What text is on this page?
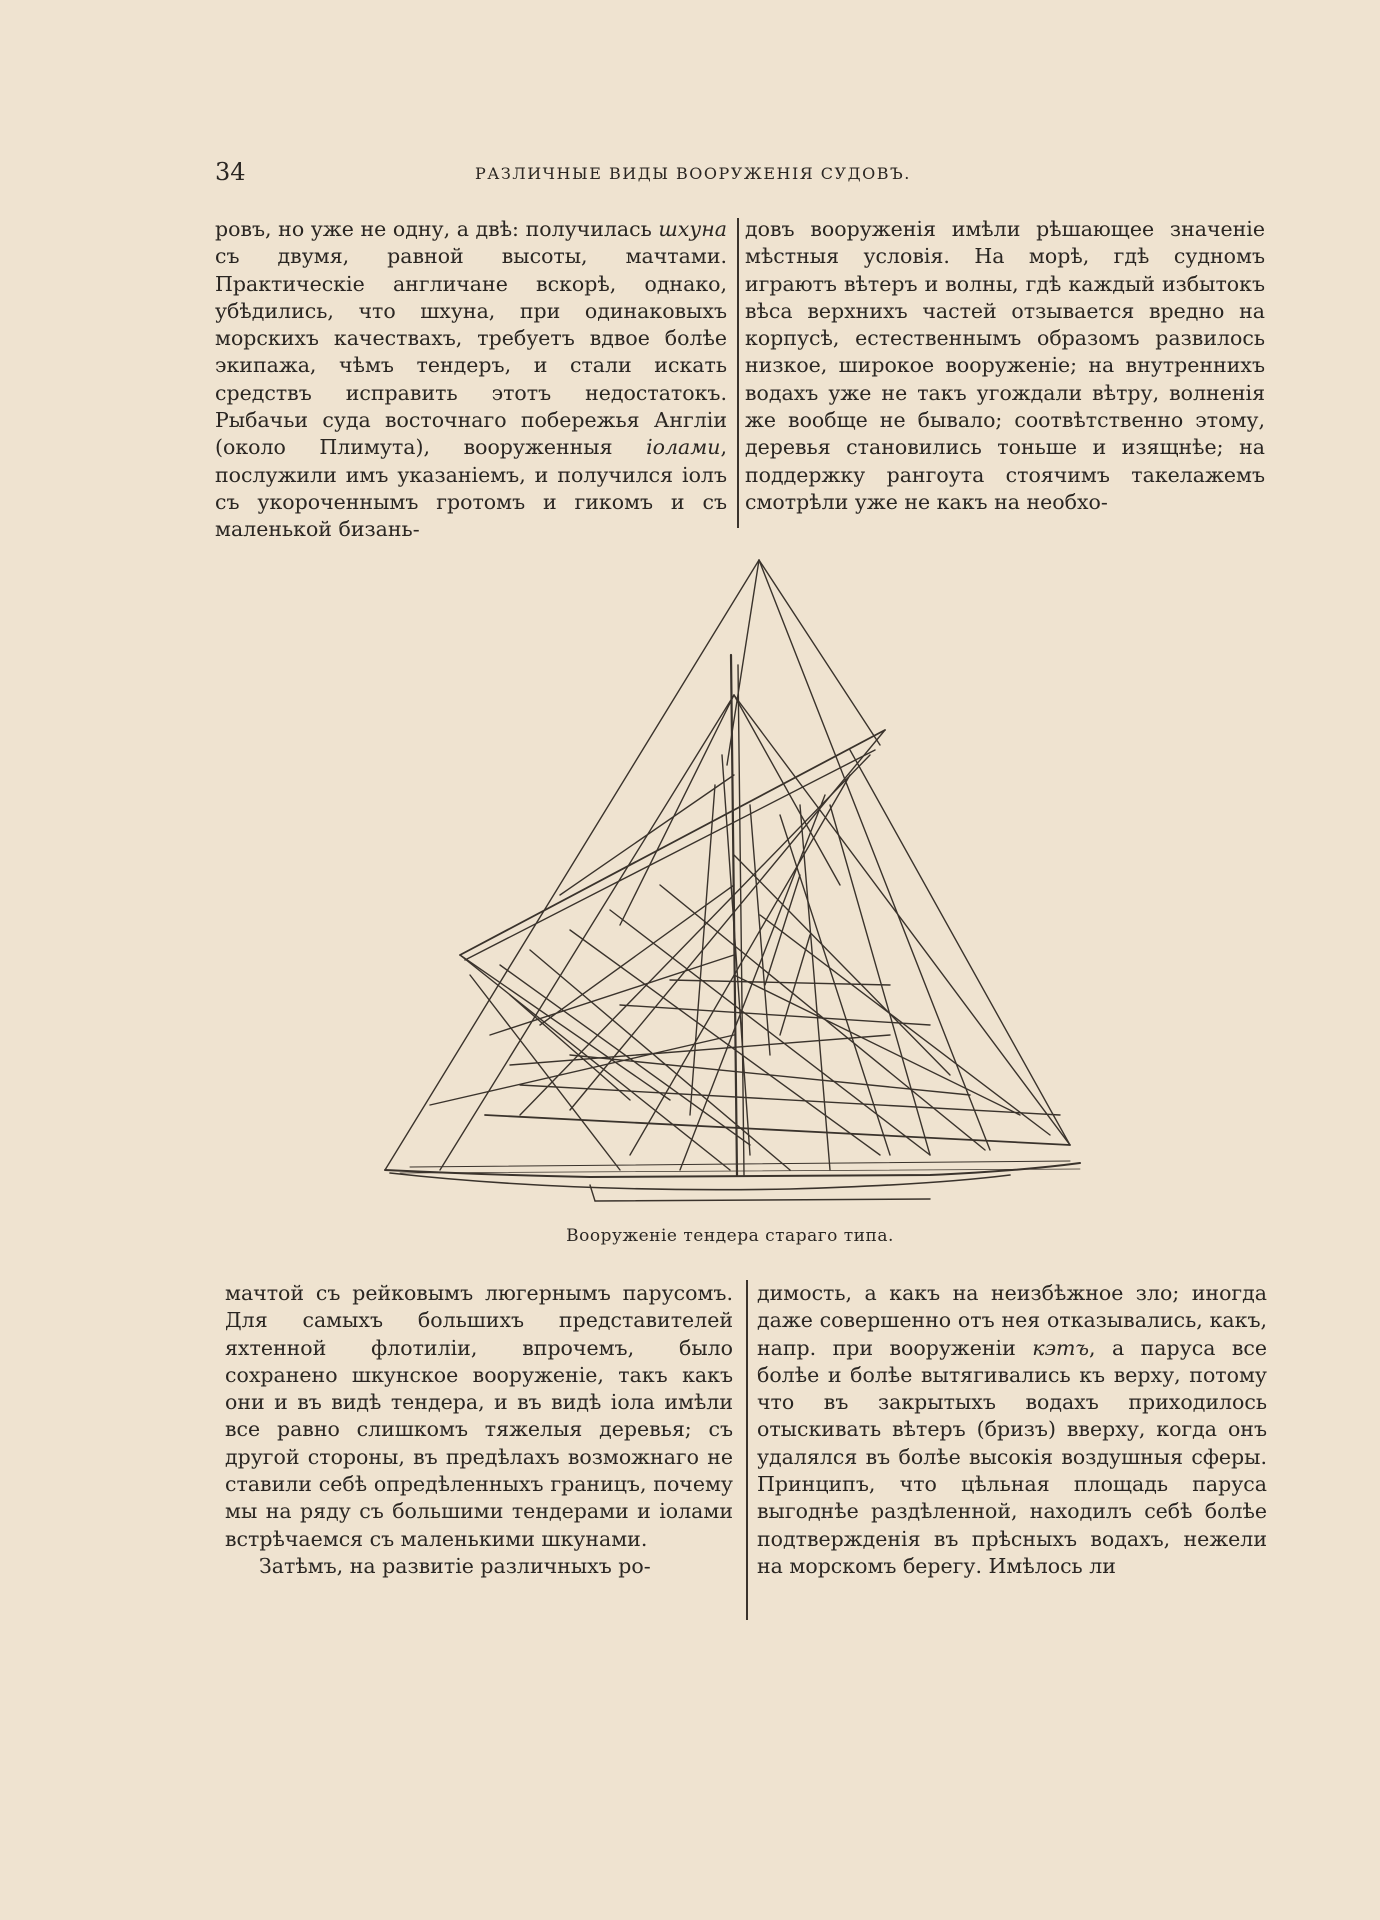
34	РАЗЛИЧНЫЕ ВИДЫ ВООРУЖЕНІЯ СУДОВЪ.

ровъ, но уже не одну, а двѣ: получилась шхуна съ двумя, равной высоты, мачтами. Практическіе англичане вскорѣ, однако, убѣдились, что шхуна, при одинаковыхъ морскихъ качествахъ, требуетъ вдвое болѣе экипажа, чѣмъ тендеръ, и стали искать средствъ исправить этотъ недостатокъ. Рыбачьи суда восточнаго побережья Англіи (около Плимута), вооруженныя іолами, послужили имъ указаніемъ, и получился іолъ съ укороченнымъ гротомъ и гикомъ и съ маленькой бизань-

довъ вооруженія имѣли рѣшающее значеніе мѣстныя условія. На морѣ, гдѣ судномъ играютъ вѣтеръ и волны, гдѣ каждый избытокъ вѣса верхнихъ частей отзывается вредно на корпусѣ, естественнымъ образомъ развилось низкое, широкое вооруженіе; на внутреннихъ водахъ уже не такъ угождали вѣтру, волненія же вообще не бывало; соотвѣтственно этому, деревья становились тоньше и изящнѣе; на поддержку рангоута стоячимъ такелажемъ смотрѣли уже не какъ на необхо-

Вооруженіе тендера стараго типа.

мачтой съ рейковымъ люгернымъ парусомъ. Для самыхъ большихъ представителей яхтенной флотиліи, впрочемъ, было сохранено шкунское вооруженіе, такъ какъ они и въ видѣ тендера, и въ видѣ іола имѣли все равно слишкомъ тяжелыя деревья; съ другой стороны, въ предѣлахъ возможнаго не ставили себѣ опредѣленныхъ границъ, почему мы на ряду съ большими тендерами и іолами встрѣчаемся съ маленькими шкунами.

Затѣмъ, на развитіе различныхъ ро-

димость, а какъ на неизбѣжное зло; иногда даже совершенно отъ нея отказывались, какъ, напр. при вооруженіи кэтъ, а паруса все болѣе и болѣе вытягивались къ верху, потому что въ закрытыхъ водахъ приходилось отыскивать вѣтеръ (бризъ) вверху, когда онъ удалялся въ болѣе высокія воздушныя сферы. Принципъ, что цѣльная площадь паруса выгоднѣе раздѣленной, находилъ себѣ болѣе подтвержденія въ прѣсныхъ водахъ, нежели на морскомъ берегу. Имѣлось ли
